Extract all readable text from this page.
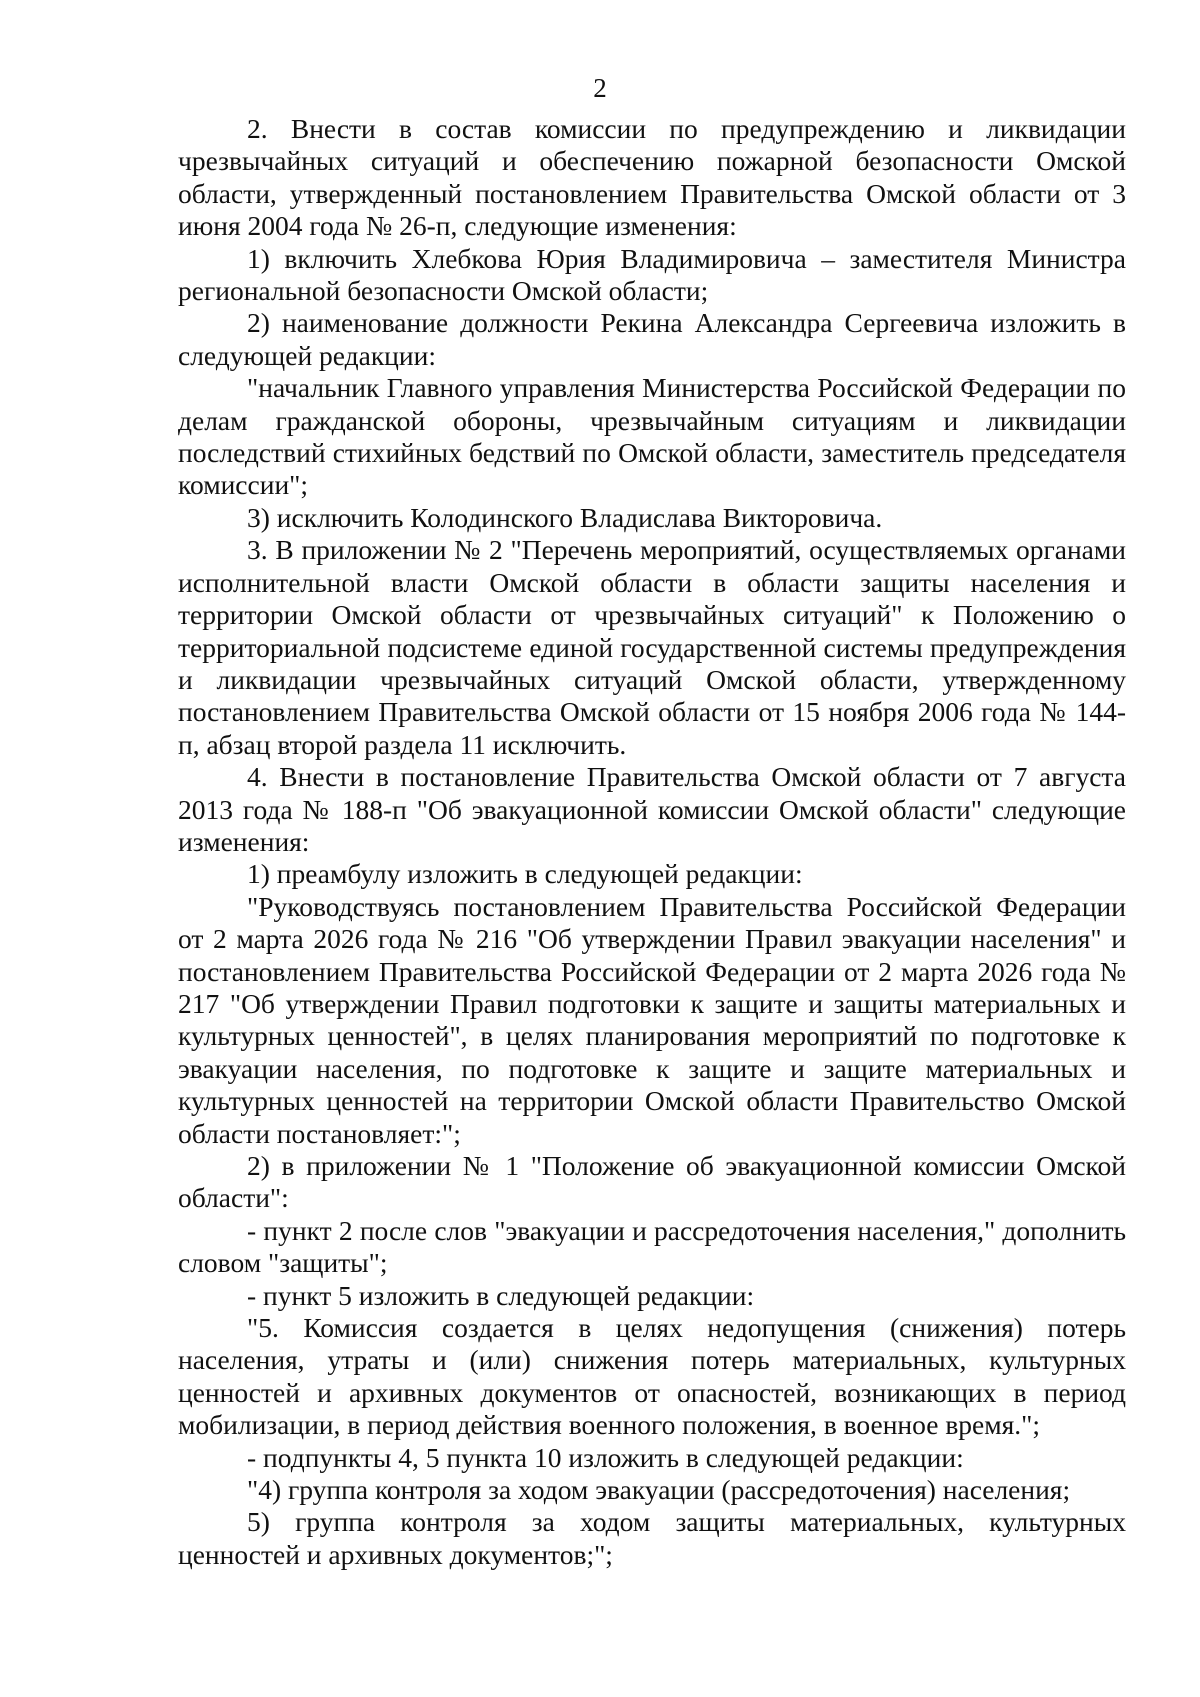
2

2. Внести в состав комиссии по предупреждению и ликвидации чрезвычайных ситуаций и обеспечению пожарной безопасности Омской области, утвержденный постановлением Правительства Омской области от 3 июня 2004 года № 26-п, следующие изменения:

1) включить Хлебкова Юрия Владимировича – заместителя Министра региональной безопасности Омской области;

2) наименование должности Рекина Александра Сергеевича изложить в следующей редакции:

"начальник Главного управления Министерства Российской Федерации по делам гражданской обороны, чрезвычайным ситуациям и ликвидации последствий стихийных бедствий по Омской области, заместитель председателя комиссии";

3) исключить Колодинского Владислава Викторовича.

3. В приложении № 2 "Перечень мероприятий, осуществляемых органами исполнительной власти Омской области в области защиты населения и территории Омской области от чрезвычайных ситуаций" к Положению о территориальной подсистеме единой государственной системы предупреждения и ликвидации чрезвычайных ситуаций Омской области, утвержденному постановлением Правительства Омской области от 15 ноября 2006 года № 144-п, абзац второй раздела 11 исключить.

4. Внести в постановление Правительства Омской области от 7 августа 2013 года № 188-п "Об эвакуационной комиссии Омской области" следующие изменения:

1) преамбулу изложить в следующей редакции:

"Руководствуясь постановлением Правительства Российской Федерации от 2 марта 2026 года № 216 "Об утверждении Правил эвакуации населения" и постановлением Правительства Российской Федерации от 2 марта 2026 года № 217 "Об утверждении Правил подготовки к защите и защиты материальных и культурных ценностей", в целях планирования мероприятий по подготовке к эвакуации населения, по подготовке к защите и защите материальных и культурных ценностей на территории Омской области Правительство Омской области постановляет:";

2) в приложении № 1 "Положение об эвакуационной комиссии Омской области":

- пункт 2 после слов "эвакуации и рассредоточения населения," дополнить словом "защиты";

- пункт 5 изложить в следующей редакции:

"5. Комиссия создается в целях недопущения (снижения) потерь населения, утраты и (или) снижения потерь материальных, культурных ценностей и архивных документов от опасностей, возникающих в период мобилизации, в период действия военного положения, в военное время.";

- подпункты 4, 5 пункта 10 изложить в следующей редакции:

"4) группа контроля за ходом эвакуации (рассредоточения) населения;

5) группа контроля за ходом защиты материальных, культурных ценностей и архивных документов;";
